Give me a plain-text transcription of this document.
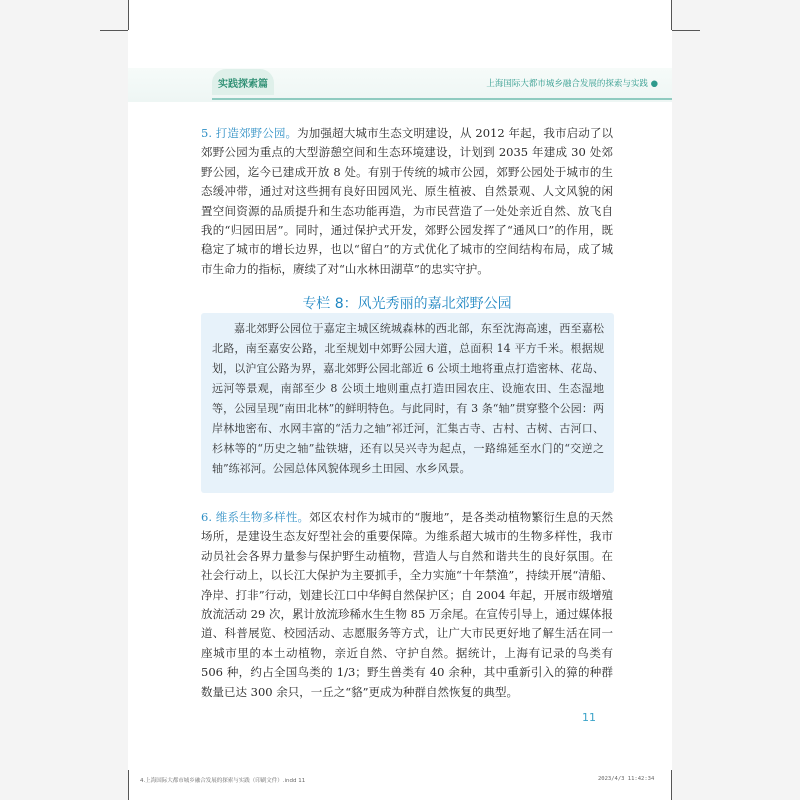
实践探索篇	上海国际大都市城乡融合发展的探索与实践 ●
5. 打造郊野公园。为加强超大城市生态文明建设，从 2012 年起，我市启动了以郊野公园为重点的大型游憩空间和生态环境建设，计划到 2035 年建成 30 处郊野公园，迄今已建成开放 8 处。有别于传统的城市公园，郊野公园处于城市的生态缓冲带，通过对这些拥有良好田园风光、原生植被、自然景观、人文风貌的闲置空间资源的品质提升和生态功能再造，为市民营造了一处处亲近自然、放飞自我的“归园田居”。同时，通过保护式开发，郊野公园发挥了“通风口”的作用，既稳定了城市的增长边界，也以“留白”的方式优化了城市的空间结构布局，成了城市生命力的指标，赓续了对“山水林田湖草”的忠实守护。
专栏 8：风光秀丽的嘉北郊野公园
嘉北郊野公园位于嘉定主城区统城森林的西北部，东至沈海高速，西至嘉松北路，南至嘉安公路，北至规划中郊野公园大道，总面积 14 平方千米。根据规划，以沪宜公路为界，嘉北郊野公园北部近 6 公顷土地将重点打造密林、花岛、远河等景观，南部至少 8 公顷土地则重点打造田园农庄、设施农田、生态湿地等，公园呈现“南田北林”的鲜明特色。与此同时，有 3 条“轴”贯穿整个公园：两岸林地密布、水网丰富的“活力之轴”祁迁河，汇集古寺、古村、古树、古河口、杉林等的“历史之轴”盐铁塘，还有以吴兴寺为起点，一路绵延至水门的“交逆之轴”练祁河。公园总体风貌体现乡土田园、水乡风景。
6. 维系生物多样性。郊区农村作为城市的“腹地”，是各类动植物繁衍生息的天然场所，是建设生态友好型社会的重要保障。为维系超大城市的生物多样性，我市动员社会各界力量参与保护野生动植物，营造人与自然和谐共生的良好氛围。在社会行动上，以长江大保护为主要抓手，全力实施“十年禁渔”，持续开展“清船、净岸、打非”行动，划建长江口中华鲟自然保护区；自 2004 年起，开展市级增殖放流活动 29 次，累计放流珍稀水生生物 85 万余尾。在宣传引导上，通过媒体报道、科普展览、校园活动、志愿服务等方式，让广大市民更好地了解生活在同一座城市里的本土动植物，亲近自然、守护自然。据统计，上海有记录的鸟类有 506 种，约占全国鸟类的 1/3；野生兽类有 40 余种，其中重新引入的獐的种群数量已达 300 余只，一丘之“貉”更成为种群自然恢复的典型。
11
4.上海国际大都市城乡融合发展的探索与实践（印刷文件）.indd 11	2023/4/3 11:42:34
